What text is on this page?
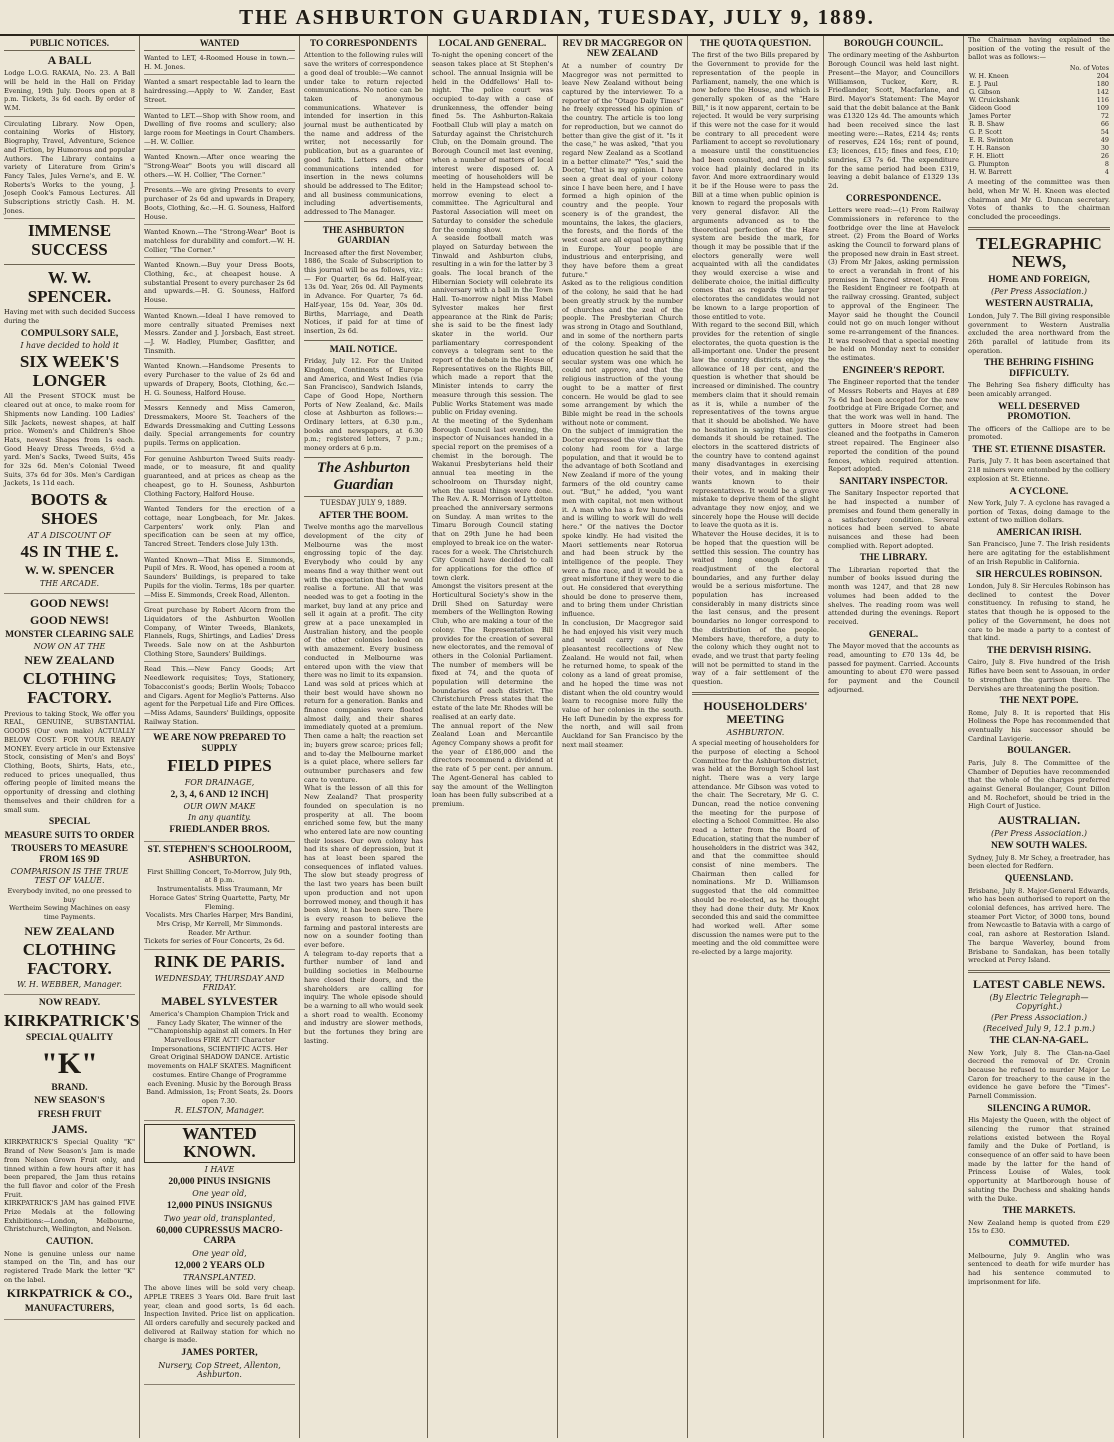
THE ASHBURTON GUARDIAN, TUESDAY, JULY 9, 1889.
PUBLIC NOTICES.
A BALL

Lodge L.O.G. RAKAIA, No. 23. A Ball will be held in the Hall on Friday Evening, 19th July. Doors open at 8 p.m. Tickets, 3s 6d each. By order of W.M.

Circulating Library. Now Open, containing Works of History, Biography, Travel, Adventure, Science and Fiction, by Humorous and popular Authors. The Library contains a variety of Literature from Grim's Fancy Tales, Jules Verne's, and E. W. Roberts's Works to the young, J. Joseph Cook's Famous Lectures. All Subscriptions strictly Cash. H. M. Jones.

IMMENSE SUCCESS
W. W. SPENCER.

Having met with such decided Success during the

COMPULSORY SALE,
I have decided to hold it
SIX WEEK'S LONGER

All the Present STOCK must be cleared out at once, to make room for Shipments now Landing. 100 Ladies' Silk Jackets, newest shapes, at half price. Women's and Children's Shoe Hats, newest Shapes from 1s each. Good Heavy Dress Tweeds, 6½d a yard. Men's Sacks, Tweed Suits, 45s for 32s 6d. Men's Colonial Tweed Suits, 37s 6d for 30s. Men's Cardigan Jackets, 1s 11d each.

BOOTS & SHOES
AT A DISCOUNT OF
4S IN THE £.
W. W. SPENCER
THE ARCADE.
GOOD NEWS!
GOOD NEWS!
MONSTER CLEARING SALE
NOW ON AT THE
NEW ZEALAND
CLOTHING FACTORY.

Previous to taking Stock, We offer you REAL, GENUINE, SUBSTANTIAL GOODS (Our own make) ACTUALLY BELOW COST. FOR YOUR READY MONEY. Every article in our Extensive Stock, consisting of Men's and Boys' Clothing, Boots, Shirts, Hats, etc., reduced to prices unequalled, thus offering people of limited means the opportunity of dressing and clothing themselves and their children for a small sum.

SPECIAL
MEASURE SUITS TO ORDER
TROUSERS TO MEASURE FROM 16S 9D
COMPARISON IS THE TRUE TEST OF VALUE.

Everybody invited, no one pressed to buy

Wertheim Sewing Machines on easy time Payments.

NEW ZEALAND
CLOTHING FACTORY.
W. H. WEBBER, Manager.
NOW READY.
KIRKPATRICK'S
SPECIAL QUALITY
"K"
BRAND.
NEW SEASON'S
FRESH FRUIT
JAMS.

KIRKPATRICK'S Special Quality "K" Brand of New Season's Jam is made from Nelson Grown Fruit only, and tinned within a few hours after it has been prepared, the Jam thus retains the full flavor and color of the Fresh Fruit.

KIRKPATRICK'S JAM has gained FIVE Prize Medals at the following Exhibitions:—London, Melbourne, Christchurch, Wellington, and Nelson.

CAUTION.

None is genuine unless our name stamped on the Tin, and has our registered Trade Mark the letter "K" on the label.

KIRKPATRICK & CO.,
MANUFACTURERS,
WANTED

Wanted to LET, 4-Roomed House in town.—H. M. Jones.

Wanted a smart respectable lad to learn the hairdressing.—Apply to W. Zander, East Street.

Wanted to LET.—Shop with Show room, and Dwelling of five rooms and scullery; also large room for Meetings in Court Chambers.—H. W. Collier.

Wanted Known.—After once wearing the "Strong-Wear" Boots you will discard all others.—W. H. Collier, "The Corner."

Presents.—We are giving Presents to every purchaser of 2s 6d and upwards in Drapery, Boots, Clothing, &c.—H. G. Souness, Halford House.

Wanted Known.—The "Strong-Wear" Boot is matchless for durability and comfort.—W. H. Collier, "The Corner."

Wanted Known.—Buy your Dress Boots, Clothing, &c., at cheapest house. A substantial Present to every purchaser 2s 6d and upwards.—H. G. Souness, Halford House.

Wanted Known.—Ideal I have removed to more centrally situated Premises next Messrs. Zander and J. Jorsbach, East street.—J. W. Hadley, Plumber, Gasfitter, and Tinsmith.

Wanted Known.—Handsome Presents to every Purchaser to the value of 2s 6d and upwards of Drapery, Boots, Clothing, &c.—H. G. Souness, Halford House.

Messrs Kennedy and Miss Cameron, Dressmakers, Moore St. Teachers of the Edwards Dressmaking and Cutting Lessons daily. Special arrangements for country pupils. Terms on application.

For genuine Ashburton Tweed Suits ready-made, or to measure, fit and quality guaranteed, and at prices as cheap as the cheapest, go to H. Souness, Ashburton Clothing Factory, Halford House.

Wanted Tenders for the erection of a cottage, near Longbeach, for Mr. Jakes. Carpenters' work only. Plan and specification can be seen at my office, Tancred Street. Tenders close July 13th.

Wanted Known—That Miss E. Simmonds, Pupil of Mrs. R. Wood, has opened a room at Saunders' Buildings, is prepared to take Pupils for the violin. Terms, 18s per quarter.—Miss E. Simmonds, Creek Road, Allenton.

Great purchase by Robert Alcorn from the Liquidators of the Ashburton Woollen Company, of Winter Tweeds, Blankets, Flannels, Rugs, Shirtings, and Ladies' Dress Tweeds. Sale now on at the Ashburton Clothing Store, Saunders' Buildings.

Read This.—New Fancy Goods; Art Needlework requisites; Toys, Stationery, Tobacconist's goods; Berlin Wools; Tobacco and Cigars. Agent for Meglio's Patterns. Also agent for the Perpetual Life and Fire Offices.—Miss Adams, Saunders' Buildings, opposite Railway Station.

WE ARE NOW PREPARED TO SUPPLY
FIELD PIPES
FOR DRAINAGE,
2, 3, 4, 6 AND 12 INCH]
OUR OWN MAKE
In any quantity.
FRIEDLANDER BROS.
ST. STEPHEN'S SCHOOLROOM, ASHBURTON.

First Shilling Concert, To-Morrow, July 9th, at 8 p.m.

Instrumentalists. Miss Traumann, Mr Horace Gates' String Quartette, Party, Mr Fleming.

Vocalists. Mrs Charles Harper, Mrs Bandini, Mrs Crisp, Mr Kerrell, Mr Simmonds.

Reader. Mr Arthur.

Tickets for series of Four Concerts, 2s 6d.

RINK DE PARIS.
WEDNESDAY, THURSDAY AND FRIDAY.
MABEL SYLVESTER

America's Champion Champion Trick and Fancy Lady Skater, The winner of the ""Championship against all comers. In Her Marvellous FIRE ACT! Character Impersonations, SCIENTIFIC ACTS. Her Great Original SHADOW DANCE. Artistic movements on HALF SKATES. Magnificent costumes. Entire Change of Programme each Evening. Music by the Borough Brass Band. Admission, 1s; Front Seats, 2s. Doors open 7.30.

R. ELSTON, Manager.
WANTED KNOWN.
I HAVE
20,000 PINUS INSIGNIS
One year old,
12,000 PINUS INSIGNUS
Two year old, transplanted,
60,000 CUPRESSUS MACRO-CARPA
One year old,
12,000 2 YEARS OLD
TRANSPLANTED.

The above lines will be sold very cheap. APPLE TREES 3 Years Old. Bare fruit last year, clean and good sorts, 1s 6d each. Inspection Invited. Price list on application. All orders carefully and securely packed and delivered at Railway station for which no charge is made.

JAMES PORTER,
Nursery, Cop Street, Allenton, Ashburton.
TO CORRESPONDENTS

Attention to the following rules will save the writers of correspondence a good deal of trouble:—We cannot under take to return rejected communications. No notice can be taken of anonymous communications. Whatever is intended for insertion in this journal must be authenticated by the name and address of the writer, not necessarily for publication, but as a guarantee of good faith. Letters and other communications intended for insertion in the news columns should be addressed to The Editor; and all business communications, including advertisements, addressed to The Manager.

THE ASHBURTON GUARDIAN

Increased after the first November, 1886, the Scale of Subscription to this journal will be as follows, viz.:— For Quarter, 6s 6d. Half-year, 13s 0d. Year, 26s 0d. All Payments in Advance. For Quarter, 7s 6d. Half-year, 15s 0d. Year, 30s 0d. Births, Marriage, and Death Notices, if paid for at time of insertion, 2s 6d.

MAIL NOTICE.

Friday, July 12. For the United Kingdom, Continents of Europe and America, and West Indies (via San Francisco), Sandwich Islands, Cape of Good Hope, Northern Ports of New Zealand, &c. Mails close at Ashburton as follows:—Ordinary letters, at 6.30 p.m., books and newspapers, at 6.30 p.m.; registered letters, 7 p.m.; money orders at 6 p.m.

The Ashburton Guardian
TUESDAY JULY 9, 1889.
AFTER THE BOOM.

Twelve months ago the marvellous development of the city of Melbourne was the most engrossing topic of the day. Everybody who could by any means find a way thither went out with the expectation that he would realise a fortune. All that was needed was to get a footing in the market, buy land at any price and sell it again at a profit. The city grew at a pace unexampled in Australian history, and the people of the other colonies looked on with amazement. Every business conducted in Melbourne was entered upon with the view that there was no limit to its expansion. Land was sold at prices which at their best would have shown no return for a generation. Banks and finance companies were floated almost daily, and their shares immediately quoted at a premium. Then came a halt; the reaction set in; buyers grew scarce; prices fell; and to-day the Melbourne market is a quiet place, where sellers far outnumber purchasers and few care to venture.

What is the lesson of all this for New Zealand? That prosperity founded on speculation is no prosperity at all. The boom enriched some few, but the many who entered late are now counting their losses. Our own colony has had its share of depression, but it has at least been spared the consequences of inflated values. The slow but steady progress of the last two years has been built upon production and not upon borrowed money, and though it has been slow, it has been sure. There is every reason to believe the farming and pastoral interests are now on a sounder footing than ever before.

A telegram to-day reports that a further number of land and building societies in Melbourne have closed their doors, and the shareholders are calling for inquiry. The whole episode should be a warning to all who would seek a short road to wealth. Economy and industry are slower methods, but the fortunes they bring are lasting.

LOCAL AND GENERAL.

To-night the opening concert of the season takes place at St Stephen's school. The annual Insignia will be held in the Oddfellows' Hall to-night. The police court was occupied to-day with a case of drunkenness, the offender being fined 5s. The Ashburton-Rakaia Football Club will play a match on Saturday against the Christchurch Club, on the Domain ground. The Borough Council met last evening, when a number of matters of local interest were disposed of. A meeting of householders will be held in the Hampstead school to-morrow evening to elect a committee. The Agricultural and Pastoral Association will meet on Saturday to consider the schedule for the coming show.

A seaside football match was played on Saturday between the Tinwald and Ashburton clubs, resulting in a win for the latter by 3 goals. The local branch of the Hibernian Society will celebrate its anniversary with a ball in the Town Hall. To-morrow night Miss Mabel Sylvester makes her first appearance at the Rink de Paris; she is said to be the finest lady skater in the world. Our parliamentary correspondent conveys a telegram sent to the report of the debate in the House of Representatives on the Rights Bill, which made a report that the Minister intends to carry the measure through this session. The Public Works Statement was made public on Friday evening.

At the meeting of the Sydenham Borough Council last evening, the inspector of Nuisances handed in a special report on the premises of a chemist in the borough. The Wakanui Presbyterians held their annual tea meeting in the schoolroom on Thursday night, when the usual things were done. The Rev. A. R. Morrison of Lyttelton preached the anniversary sermons on Sunday. A man writes to the Timaru Borough Council stating that on 29th June he had been employed to break ice on the water-races for a week. The Christchurch City Council have decided to call for applications for the office of town clerk.

Amongst the visitors present at the Horticultural Society's show in the Drill Shed on Saturday were members of the Wellington Rowing Club, who are making a tour of the colony. The Representation Bill provides for the creation of several new electorates, and the removal of others in the Colonial Parliament. The number of members will be fixed at 74, and the quota of population will determine the boundaries of each district. The Christchurch Press states that the estate of the late Mr. Rhodes will be realised at an early date.

The annual report of the New Zealand Loan and Mercantile Agency Company shows a profit for the year of £186,000 and the directors recommend a dividend at the rate of 5 per cent. per annum. The Agent-General has cabled to say the amount of the Wellington loan has been fully subscribed at a premium.

REV DR MACGREGOR ON NEW ZEALAND

At a number of country Dr Macgregor was not permitted to leave New Zealand without being captured by the interviewer. To a reporter of the "Otago Daily Times" he freely expressed his opinion of the country. The article is too long for reproduction, but we cannot do better than give the gist of it. "Is it the case," he was asked, "that you regard New Zealand as a Scotland in a better climate?" "Yes," said the Doctor, "that is my opinion. I have seen a great deal of your colony since I have been here, and I have formed a high opinion of the country and the people. Your scenery is of the grandest, the mountains, the lakes, the glaciers, the forests, and the fiords of the west coast are all equal to anything in Europe. Your people are industrious and enterprising, and they have before them a great future."

Asked as to the religious condition of the colony, he said that he had been greatly struck by the number of churches and the zeal of the people. The Presbyterian Church was strong in Otago and Southland, and in some of the northern parts of the colony. Speaking of the education question he said that the secular system was one which he could not approve, and that the religious instruction of the young ought to be a matter of first concern. He would be glad to see some arrangement by which the Bible might be read in the schools without note or comment.

On the subject of immigration the Doctor expressed the view that the colony had room for a large population, and that it would be to the advantage of both Scotland and New Zealand if more of the young farmers of the old country came out. "But," he added, "you want men with capital, not men without it. A man who has a few hundreds and is willing to work will do well here." Of the natives the Doctor spoke kindly. He had visited the Maori settlements near Rotorua and had been struck by the intelligence of the people. They were a fine race, and it would be a great misfortune if they were to die out. He considered that everything should be done to preserve them, and to bring them under Christian influence.

In conclusion, Dr Macgregor said he had enjoyed his visit very much and would carry away the pleasantest recollections of New Zealand. He would not fail, when he returned home, to speak of the colony as a land of great promise, and he hoped the time was not distant when the old country would learn to recognise more fully the value of her colonies in the south. He left Dunedin by the express for the north, and will sail from Auckland for San Francisco by the next mail steamer.

THE QUOTA QUESTION.

The first of the two Bills prepared by the Government to provide for the representation of the people in Parliament, namely, the one which is now before the House, and which is generally spoken of as the "Hare Bill," is it now apparent, certain to be rejected. It would be very surprising if this were not the case for it would be contrary to all precedent were Parliament to accept so revolutionary a measure until the constituencies had been consulted, and the public voice had plainly declared in its favor. And more extraordinary would it be if the House were to pass the Bill at a time when public opinion is known to regard the proposals with very general disfavor. All the arguments advanced as to the theoretical perfection of the Hare system are beside the mark, for though it may be possible that if the electors generally were well acquainted with all the candidates they would exercise a wise and deliberate choice, the initial difficulty comes that as regards the larger electorates the candidates would not be known to a large proportion of those entitled to vote.

With regard to the second Bill, which provides for the retention of single electorates, the quota question is the all-important one. Under the present law the country districts enjoy the allowance of 18 per cent, and the question is whether that should be increased or diminished. The country members claim that it should remain as it is, while a number of the representatives of the towns argue that it should be abolished. We have no hesitation in saying that justice demands it should be retained. The electors in the scattered districts of the country have to contend against many disadvantages in exercising their votes, and in making their wants known to their representatives. It would be a grave mistake to deprive them of the slight advantage they now enjoy, and we sincerely hope the House will decide to leave the quota as it is.

Whatever the House decides, it is to be hoped that the question will be settled this session. The country has waited long enough for a readjustment of the electoral boundaries, and any further delay would be a serious misfortune. The population has increased considerably in many districts since the last census, and the present boundaries no longer correspond to the distribution of the people. Members have, therefore, a duty to the colony which they ought not to evade, and we trust that party feeling will not be permitted to stand in the way of a fair settlement of the question.

HOUSEHOLDERS' MEETING
ASHBURTON.

A special meeting of householders for the purpose of electing a School Committee for the Ashburton district, was held at the Borough School last night. There was a very large attendance. Mr Gibson was voted to the chair. The Secretary, Mr G. C. Duncan, read the notice convening the meeting for the purpose of electing a School Committee. He also read a letter from the Board of Education, stating that the number of householders in the district was 342, and that the committee should consist of nine members. The Chairman then called for nominations. Mr D. Williamson suggested that the old committee should be re-elected, as he thought they had done their duty. Mr Knox seconded this and said the committee had worked well. After some discussion the names were put to the meeting and the old committee were re-elected by a large majority.

BOROUGH COUNCIL.

The ordinary meeting of the Ashburton Borough Council was held last night. Present—the Mayor, and Councillors Williamson, Tucker, Kerr, R. Friedlander, Scott, Macfarlane, and Bird. Mayor's Statement: The Mayor said that the debit balance at the Bank was £1320 12s 4d. The amounts which had been received since the last meeting were:—Rates, £214 4s; rents of reserves, £24 16s; rent of pound, £3; licences, £15; fines and fees, £10; sundries, £3 7s 6d. The expenditure for the same period had been £319, leaving a debit balance of £1329 13s 2d.

CORRESPONDENCE.

Letters were read:—(1) From Railway Commissioners in reference to the footbridge over the line at Havelock street. (2) From the Board of Works asking the Council to forward plans of the proposed new drain in East street. (3) From Mr Jakes, asking permission to erect a verandah in front of his premises in Tancred street. (4) From the Resident Engineer re footpath at the railway crossing. Granted, subject to approval of the Engineer. The Mayor said he thought the Council could not go on much longer without some re-arrangement of the finances. It was resolved that a special meeting be held on Monday next to consider the estimates.

ENGINEER'S REPORT.

The Engineer reported that the tender of Messrs Roberts and Hayes at £89 7s 6d had been accepted for the new footbridge at Fire Brigade Corner, and that the work was well in hand. The gutters in Moore street had been cleaned and the footpaths in Cameron street repaired. The Engineer also reported the condition of the pound fences, which required attention. Report adopted.

SANITARY INSPECTOR.

The Sanitary Inspector reported that he had inspected a number of premises and found them generally in a satisfactory condition. Several notices had been served to abate nuisances and these had been complied with. Report adopted.

THE LIBRARY.

The Librarian reported that the number of books issued during the month was 1247, and that 28 new volumes had been added to the shelves. The reading room was well attended during the evenings. Report received.

GENERAL.

The Mayor moved that the accounts as read, amounting to £70 13s 4d, be passed for payment. Carried. Accounts amounting to about £70 were passed for payment and the Council adjourned.

The Chairman having explained the position of the voting the result of the ballot was as follows:—

	No. of Votes
W. H. Kneen	204
E. J. Paul	180
G. Gibson	142
W. Cruickshank	116
Gideon Good	109
James Porter	72
R. B. Shaw	66
G. P. Scott	54
E. R. Swinton	49
T. H. Ranson	30
F. H. Eliott	26
G. Plumpton	8
H. W. Barrett	4

A meeting of the committee was then held, when Mr W. H. Kneen was elected chairman and Mr G. Duncan secretary. Votes of thanks to the chairman concluded the proceedings.

TELEGRAPHIC NEWS,
HOME AND FOREIGN,
(Per Press Association.)
WESTERN AUSTRALIA,

London, July 7. The Bill giving responsible government to Western Australia excluded the area northward from the 26th parallel of latitude from its operation.

THE BEHRING FISHING DIFFICULTY.

The Behring Sea fishery difficulty has been amicably arranged.

WELL DESERVED PROMOTION.

The officers of the Calliope are to be promoted.

THE ST. ETIENNE DISASTER.

Paris, July 7. It has been ascertained that 218 miners were entombed by the colliery explosion at St. Etienne.

A CYCLONE.

New York, July 7. A cyclone has ravaged a portion of Texas, doing damage to the extent of two million dollars.

AMERICAN IRISH.

San Francisco, June 7. The Irish residents here are agitating for the establishment of an Irish Republic in California.

SIR HERCULES ROBINSON.

London, July 8. Sir Hercules Robinson has declined to contest the Dover constituency. In refusing to stand, he states that though he is opposed to the policy of the Government, he does not care to be made a party to a contest of that kind.

THE DERVISH RISING.

Cairo, July 8. Five hundred of the Irish Rifles have been sent to Assouan, in order to strengthen the garrison there. The Dervishes are threatening the position.

THE NEXT POPE.

Rome, July 8. It is reported that His Holiness the Pope has recommended that eventually his successor should be Cardinal Lavigerie.

BOULANGER.

Paris, July 8. The Committee of the Chamber of Deputies have recommended that the whole of the charges preferred against General Boulanger, Count Dillon and M. Rochefort, should be tried in the High Court of Justice.

AUSTRALIAN.
(Per Press Association.)
NEW SOUTH WALES.

Sydney, July 8. Mr Schey, a freetrader, has been elected for Redfern.

QUEENSLAND.

Brisbane, July 8. Major-General Edwards, who has been authorised to report on the colonial defences, has arrived here. The steamer Port Victor, of 3000 tons, bound from Newcastle to Batavia with a cargo of coal, ran ashore at Restoration Island. The barque Waverley, bound from Brisbane to Sandakan, has been totally wrecked at Percy Island.

LATEST CABLE NEWS.
(By Electric Telegraph—Copyright.)
(Per Press Association.)
(Received July 9, 12.1 p.m.)
THE CLAN-NA-GAEL.

New York, July 8. The Clan-na-Gael decreed the removal of Dr. Cronin because he refused to murder Major Le Caron for treachery to the cause in the evidence he gave before the "Times"-Parnell Commission.

SILENCING A RUMOR.

His Majesty the Queen, with the object of silencing the rumor that strained relations existed between the Royal family and the Duke of Portland, is consequence of an offer said to have been made by the latter for the hand of Princess Louise of Wales, took opportunity at Marlborough house of saluting the Duchess and shaking hands with the Duke.

THE MARKETS.

New Zealand hemp is quoted from £29 15s to £30.

COMMUTED.

Melbourne, July 9. Anglin who was sentenced to death for wife murder has had his sentence commuted to imprisonment for life.
